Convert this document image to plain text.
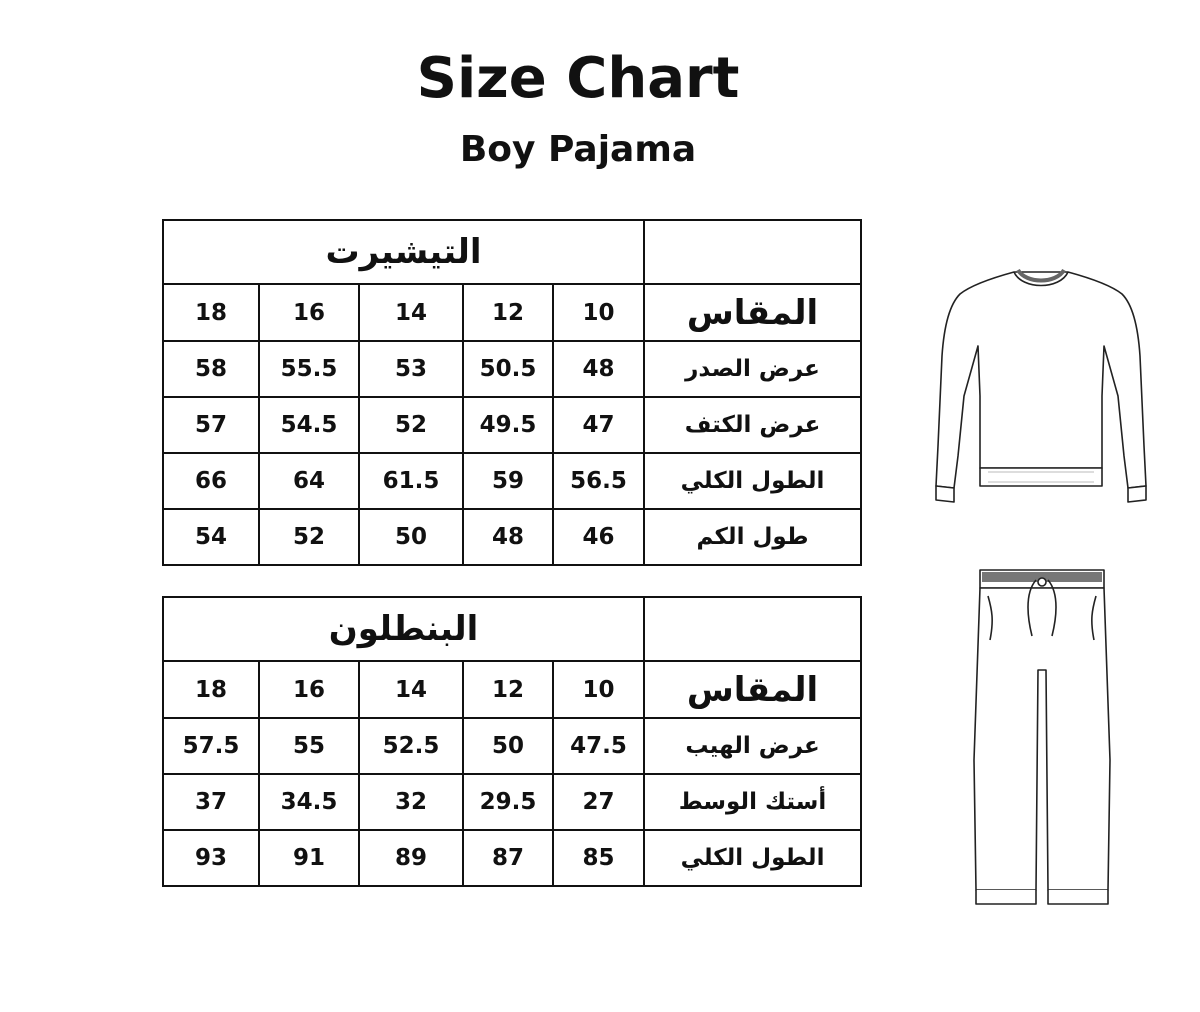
Size Chart
Boy Pajama
التيشيرت					
18	16	14	12	10	المقاس
58	55.5	53	50.5	48	عرض الصدر
57	54.5	52	49.5	47	عرض الكتف
66	64	61.5	59	56.5	الطول الكلي
54	52	50	48	46	طول الكم
البنطلون					
18	16	14	12	10	المقاس
57.5	55	52.5	50	47.5	عرض الهيب
37	34.5	32	29.5	27	أستك الوسط
93	91	89	87	85	الطول الكلي
